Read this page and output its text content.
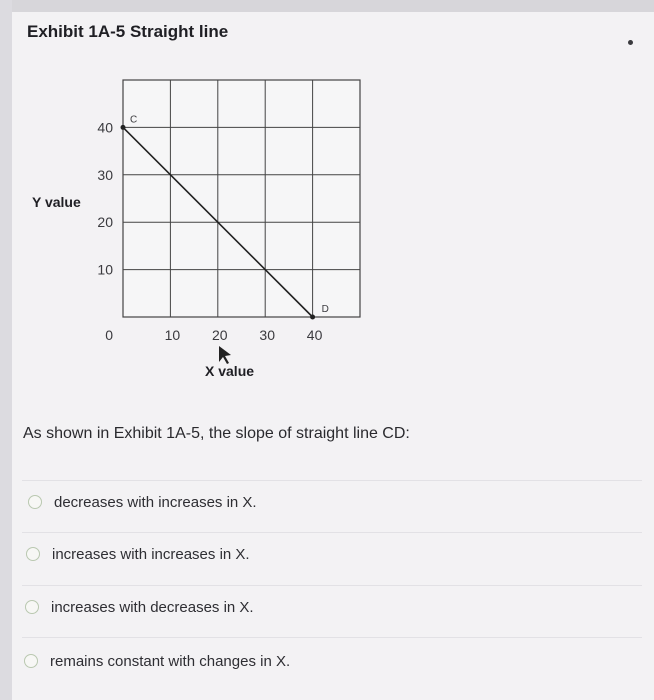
Exhibit 1A-5 Straight line
0
10
20
30
40
10 20 30 40
C
D
Y value
X value
As shown in Exhibit 1A-5, the slope of straight line CD:
decreases with increases in X.
increases with increases in X.
increases with decreases in X.
remains constant with changes in X.
